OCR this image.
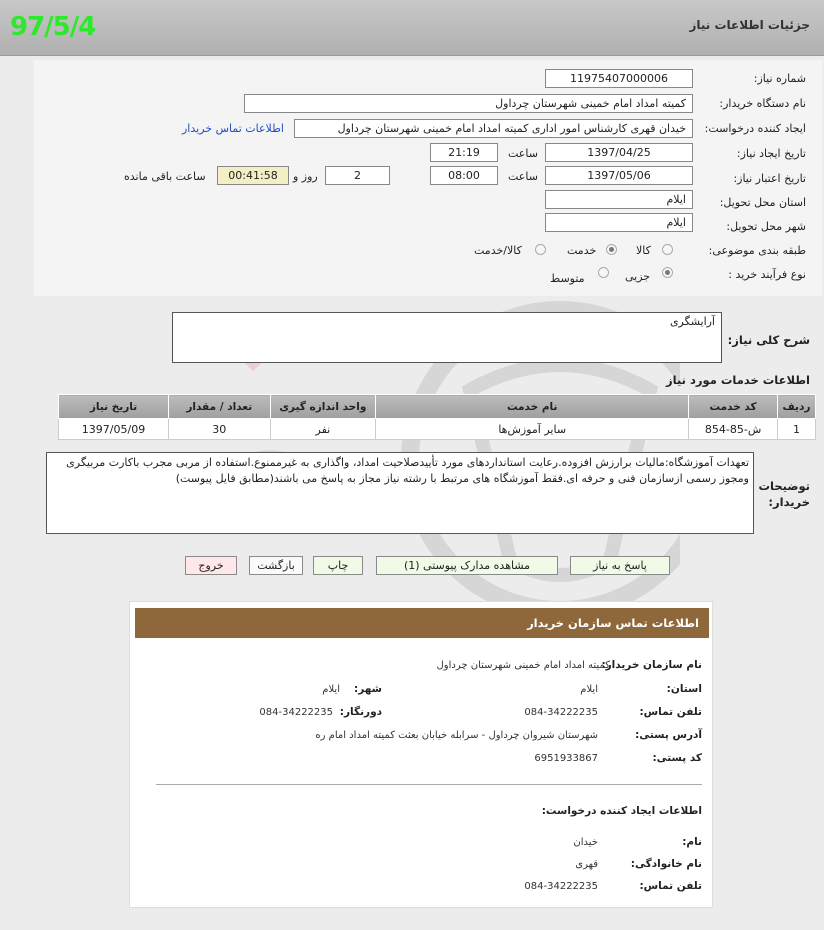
جزئیات اطلاعات نیاز
97/5/4
شماره نیاز:
11975407000006
نام دستگاه خریدار:
کمیته امداد امام خمینی شهرستان چرداول
ایجاد کننده درخواست:
خیدان قهری کارشناس امور اداری کمیته امداد امام خمینی شهرستان چرداول
اطلاعات تماس خریدار
تاریخ ایجاد نیاز:
1397/04/25
ساعت
21:19
تاریخ اعتبار نیاز:
1397/05/06
ساعت
08:00
2
روز و
00:41:58
ساعت باقی مانده
استان محل تحویل:
ایلام
شهر محل تحویل:
ایلام
طبقه بندی موضوعی:
کالا
خدمت
کالا/خدمت
نوع فرآیند خرید :
جزیی
متوسط
شرح کلی نیاز:
آرایشگری
اطلاعات خدمات مورد نیاز
ردیف	کد خدمت	نام خدمت	واحد اندازه گیری	تعداد / مقدار	تاریخ نیاز
1	ش-85-854	سایر آموزش‌ها	نفر	30	1397/05/09
توضیحات خریدار:
تعهدات آموزشگاه:مالیات برارزش افزوده.رعایت استانداردهای مورد تأییدصلاحیت امداد، واگذاری به غیرممنوع.استفاده از مربی مجرب باکارت مربیگری ومجوز رسمی ازسازمان فنی و حرفه ای.فقط آموزشگاه های مرتبط با رشته نیاز مجاز به پاسخ می باشند(مطابق فایل پیوست)
پاسخ به نیاز
مشاهده مدارک پیوستی (1)
چاپ
بازگشت
خروج
اطلاعات تماس سازمان خریدار
نام سازمان خریدار:
کمیته امداد امام خمینی شهرستان چرداول
استان:
ایلام
شهر:
ایلام
تلفن تماس:
084-34222235
دورنگار:
084-34222235
آدرس پستی:
شهرستان شیروان چرداول - سرابله خیابان بعثت کمیته امداد امام ره
کد پستی:
6951933867
اطلاعات ایجاد کننده درخواست:
نام:
خیدان
نام خانوادگی:
قهری
تلفن تماس:
084-34222235
